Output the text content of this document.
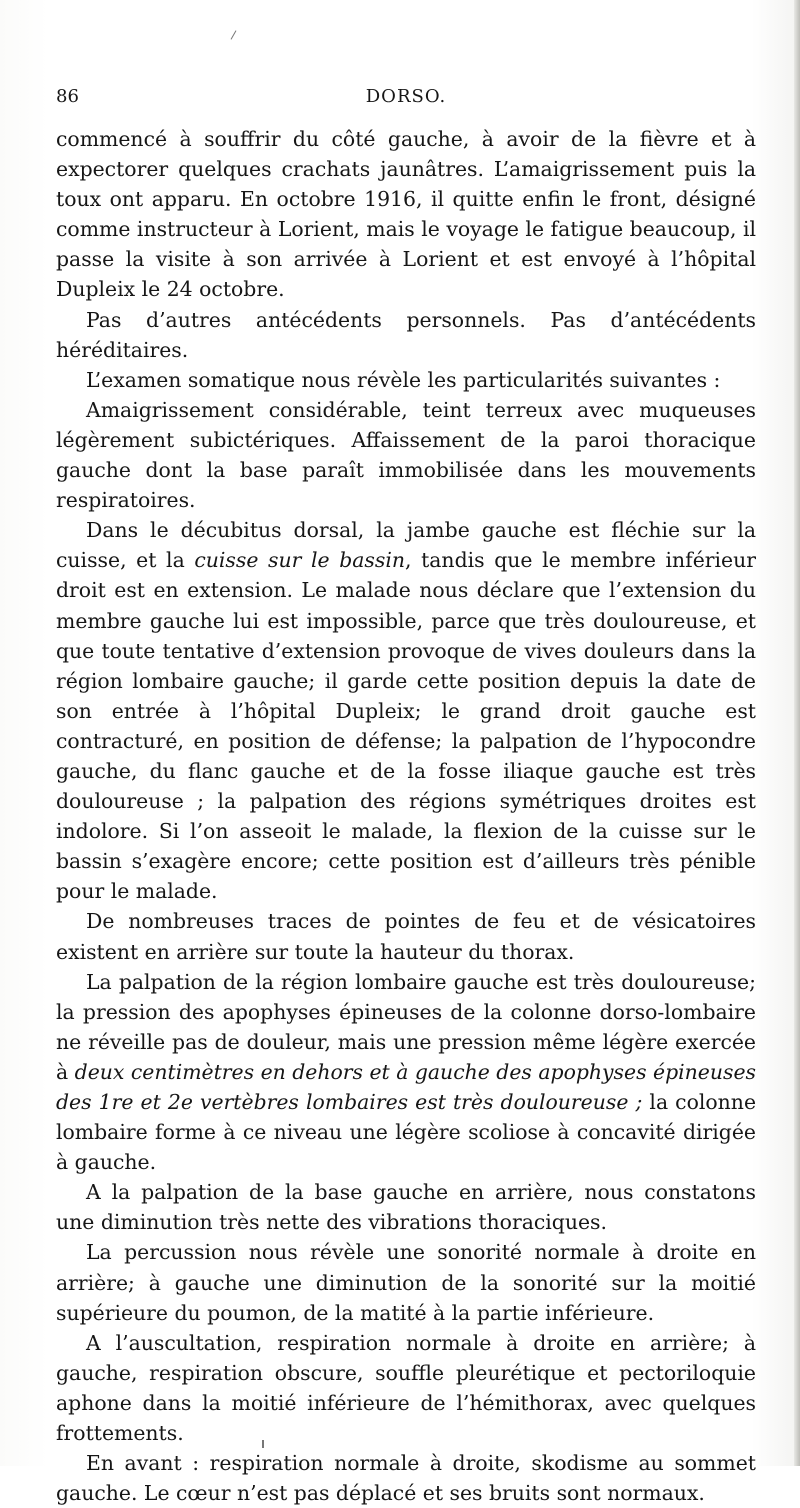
86	DORSO.

commencé à souffrir du côté gauche, à avoir de la fièvre et à expectorer quelques crachats jaunâtres. L’amaigrissement puis la toux ont apparu. En octobre 1916, il quitte enfin le front, désigné comme instructeur à Lorient, mais le voyage le fatigue beaucoup, il passe la visite à son arrivée à Lorient et est envoyé à l’hôpital Dupleix le 24 octobre.

Pas d’autres antécédents personnels. Pas d’antécédents héréditaires.

L’examen somatique nous révèle les particularités suivantes :

Amaigrissement considérable, teint terreux avec muqueuses légèrement subictériques. Affaissement de la paroi thoracique gauche dont la base paraît immobilisée dans les mouvements respiratoires.

Dans le décubitus dorsal, la jambe gauche est fléchie sur la cuisse, et la cuisse sur le bassin, tandis que le membre inférieur droit est en extension. Le malade nous déclare que l’extension du membre gauche lui est impossible, parce que très douloureuse, et que toute tentative d’extension provoque de vives douleurs dans la région lombaire gauche; il garde cette position depuis la date de son entrée à l’hôpital Dupleix; le grand droit gauche est contracturé, en position de défense; la palpation de l’hypocondre gauche, du flanc gauche et de la fosse iliaque gauche est très douloureuse ; la palpation des régions symétriques droites est indolore. Si l’on asseoit le malade, la flexion de la cuisse sur le bassin s’exagère encore; cette position est d’ailleurs très pénible pour le malade.

De nombreuses traces de pointes de feu et de vésicatoires existent en arrière sur toute la hauteur du thorax.

La palpation de la région lombaire gauche est très douloureuse; la pression des apophyses épineuses de la colonne dorso-lombaire ne réveille pas de douleur, mais une pression même légère exercée à deux centimètres en dehors et à gauche des apophyses épineuses des 1re et 2e vertèbres lombaires est très douloureuse ; la colonne lombaire forme à ce niveau une légère scoliose à concavité dirigée à gauche.

A la palpation de la base gauche en arrière, nous constatons une diminution très nette des vibrations thoraciques.

La percussion nous révèle une sonorité normale à droite en arrière; à gauche une diminution de la sonorité sur la moitié supérieure du poumon, de la matité à la partie inférieure.

A l’auscultation, respiration normale à droite en arrière; à gauche, respiration obscure, souffle pleurétique et pectoriloquie aphone dans la moitié inférieure de l’hémithorax, avec quelques frottements.

En avant : respiration normale à droite, skodisme au sommet gauche. Le cœur n’est pas déplacé et ses bruits sont normaux.
